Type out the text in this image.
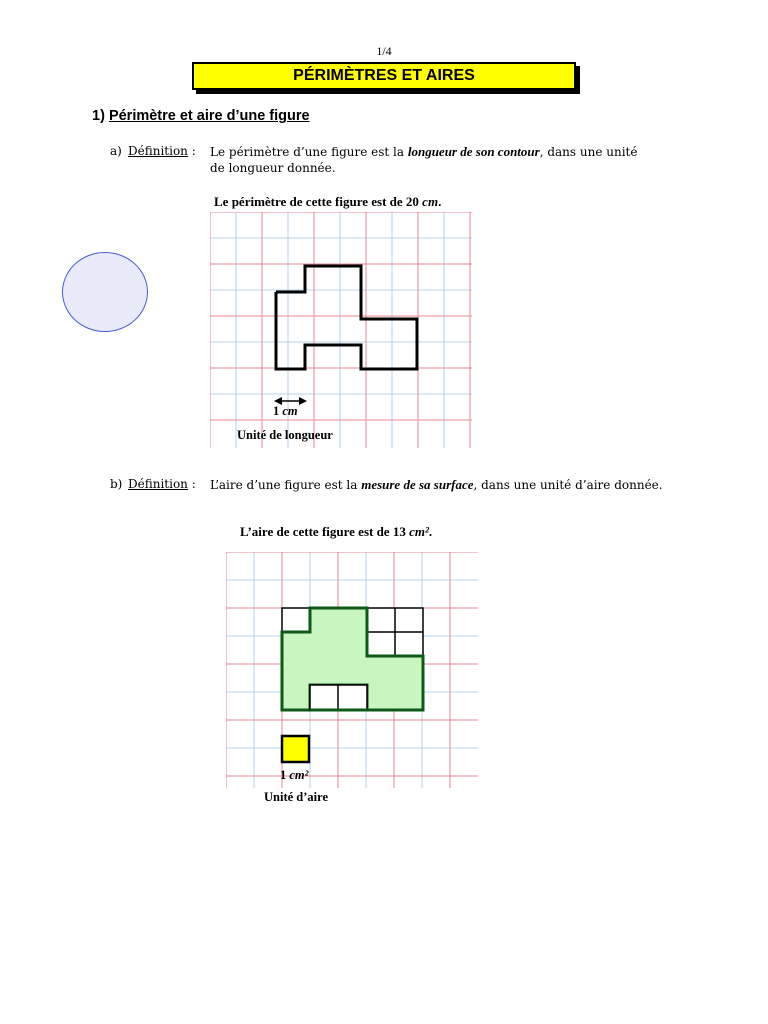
1/4
PÉRIMÈTRES ET AIRES
1) Périmètre et aire d’une figure
a) Définition : Le périmètre d’une figure est la longueur de son contour, dans une unité
de longueur donnée.
Le périmètre de cette figure est de 20 cm.
1 cm
Unité de longueur
b) Définition : L’aire d’une figure est la mesure de sa surface, dans une unité d’aire donnée.
L’aire de cette figure est de 13 cm².
1 cm²
Unité d’aire
